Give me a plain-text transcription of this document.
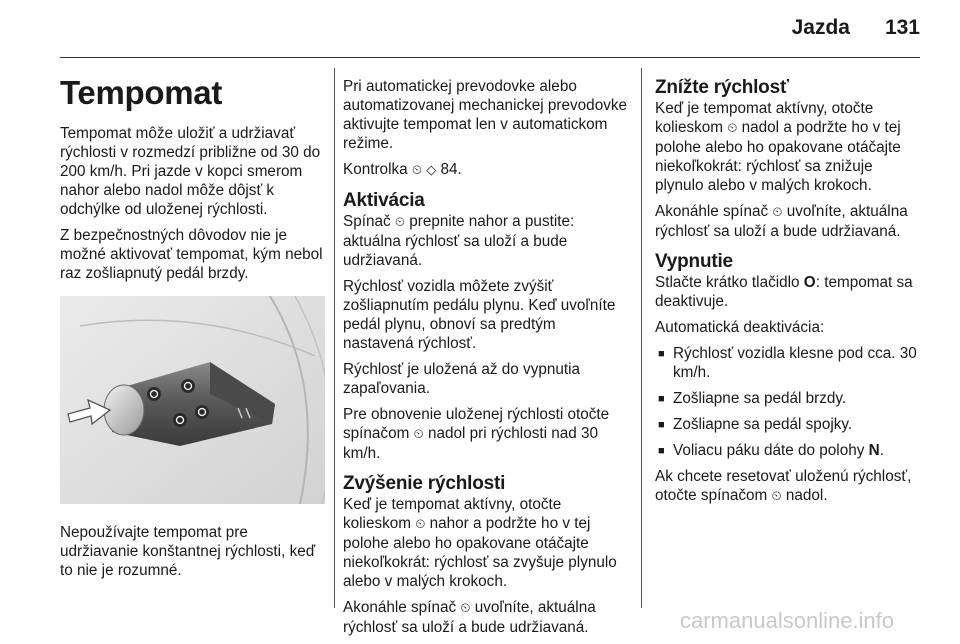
Jazda	131
Tempomat

Tempomat môže uložiť a udržiavať rýchlosti v rozmedzí približne od 30 do 200 km/h. Pri jazde v kopci smerom nahor alebo nadol môže dôjsť k odchýlke od uloženej rýchlosti.

Z bezpečnostných dôvodov nie je možné aktivovať tempomat, kým nebol raz zošliapnutý pedál brzdy.

Nepoužívajte tempomat pre udržiavanie konštantnej rýchlosti, keď to nie je rozumné.

Pri automatickej prevodovke alebo automatizovanej mechanickej prevodovke aktivujte tempomat len v automatickom režime.

Kontrolka ⏲ ◇ 84.

Aktivácia

Spínač ⏲ prepnite nahor a pustite: aktuálna rýchlosť sa uloží a bude udržiavaná.

Rýchlosť vozidla môžete zvýšiť zošliapnutím pedálu plynu. Keď uvoľníte pedál plynu, obnoví sa predtým nastavená rýchlosť.

Rýchlosť je uložená až do vypnutia zapaľovania.

Pre obnovenie uloženej rýchlosti otočte spínačom ⏲ nadol pri rýchlosti nad 30 km/h.

Zvýšenie rýchlosti

Keď je tempomat aktívny, otočte kolieskom ⏲ nahor a podržte ho v tej polohe alebo ho opakovane otáčajte niekoľkokrát: rýchlosť sa zvyšuje plynulo alebo v malých krokoch.

Akonáhle spínač ⏲ uvoľníte, aktuálna rýchlosť sa uloží a bude udržiavaná.

Znížte rýchlosť

Keď je tempomat aktívny, otočte kolieskom ⏲ nadol a podržte ho v tej polohe alebo ho opakovane otáčajte niekoľkokrát: rýchlosť sa znižuje plynulo alebo v malých krokoch.

Akonáhle spínač ⏲ uvoľníte, aktuálna rýchlosť sa uloží a bude udržiavaná.

Vypnutie

Stlačte krátko tlačidlo O: tempomat sa deaktivuje.

Automatická deaktivácia:

■ Rýchlosť vozidla klesne pod cca. 30 km/h.
■ Zošliapne sa pedál brzdy.
■ Zošliapne sa pedál spojky.
■ Voliacu páku dáte do polohy N.

Ak chcete resetovať uloženú rýchlosť, otočte spínačom ⏲ nadol.

carmanualsonline.info
